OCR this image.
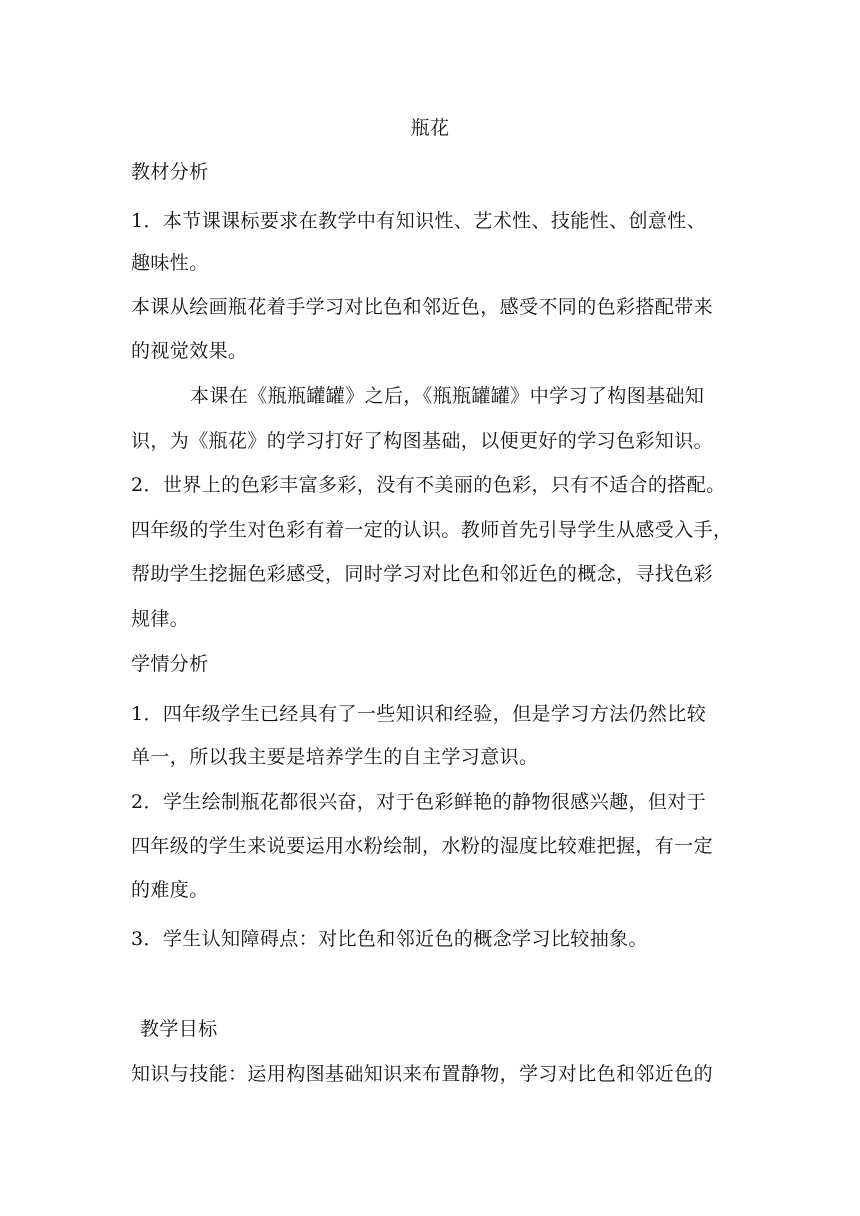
瓶花
教材分析
1．本节课课标要求在教学中有知识性、艺术性、技能性、创意性、
趣味性。
本课从绘画瓶花着手学习对比色和邻近色，感受不同的色彩搭配带来
的视觉效果。
本课在《瓶瓶罐罐》之后，《瓶瓶罐罐》中学习了构图基础知
识，为《瓶花》的学习打好了构图基础，以便更好的学习色彩知识。
2．世界上的色彩丰富多彩，没有不美丽的色彩，只有不适合的搭配。
四年级的学生对色彩有着一定的认识。教师首先引导学生从感受入手，
帮助学生挖掘色彩感受，同时学习对比色和邻近色的概念，寻找色彩
规律。
学情分析
1．四年级学生已经具有了一些知识和经验，但是学习方法仍然比较
单一，所以我主要是培养学生的自主学习意识。
2．学生绘制瓶花都很兴奋，对于色彩鲜艳的静物很感兴趣，但对于
四年级的学生来说要运用水粉绘制，水粉的湿度比较难把握，有一定
的难度。
3．学生认知障碍点：对比色和邻近色的概念学习比较抽象。
教学目标
知识与技能：运用构图基础知识来布置静物，学习对比色和邻近色的
